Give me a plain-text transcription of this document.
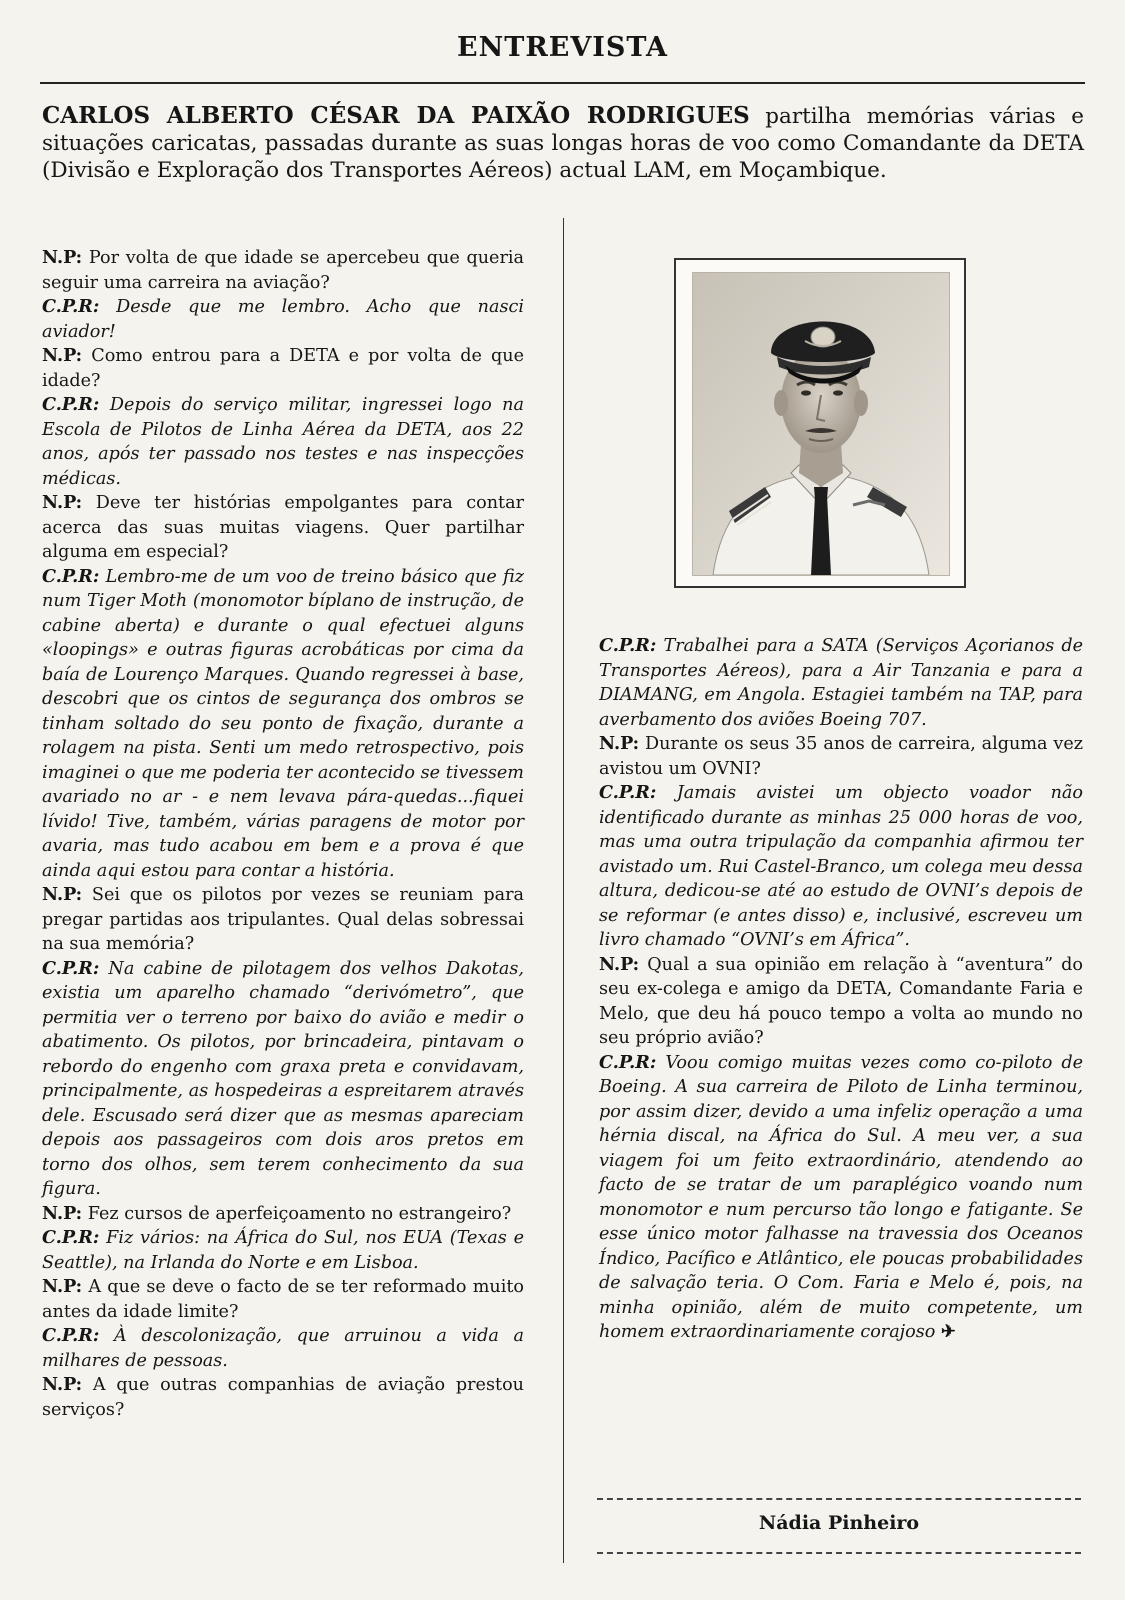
ENTREVISTA

CARLOS ALBERTO CÉSAR DA PAIXÃO RODRIGUES partilha memórias várias e situações caricatas, passadas durante as suas longas horas de voo como Comandante da DETA (Divisão e Exploração dos Transportes Aéreos) actual LAM, em Moçambique.

N.P: Por volta de que idade se apercebeu que queria seguir uma carreira na aviação?

C.P.R: Desde que me lembro. Acho que nasci aviador!

N.P: Como entrou para a DETA e por volta de que idade?

C.P.R: Depois do serviço militar, ingressei logo na Escola de Pilotos de Linha Aérea da DETA, aos 22 anos, após ter passado nos testes e nas inspecções médicas.

N.P: Deve ter histórias empolgantes para contar acerca das suas muitas viagens. Quer partilhar alguma em especial?

C.P.R: Lembro-me de um voo de treino básico que fiz num Tiger Moth (monomotor bíplano de instrução, de cabine aberta) e durante o qual efectuei alguns «loopings» e outras figuras acrobáticas por cima da baía de Lourenço Marques. Quando regressei à base, descobri que os cintos de segurança dos ombros se tinham soltado do seu ponto de fixação, durante a rolagem na pista. Senti um medo retrospectivo, pois imaginei o que me poderia ter acontecido se tivessem avariado no ar - e nem levava pára-quedas...fiquei lívido! Tive, também, várias paragens de motor por avaria, mas tudo acabou em bem e a prova é que ainda aqui estou para contar a história.

N.P: Sei que os pilotos por vezes se reuniam para pregar partidas aos tripulantes. Qual delas sobressai na sua memória?

C.P.R: Na cabine de pilotagem dos velhos Dakotas, existia um aparelho chamado “derivómetro”, que permitia ver o terreno por baixo do avião e medir o abatimento. Os pilotos, por brincadeira, pintavam o rebordo do engenho com graxa preta e convidavam, principalmente, as hospedeiras a espreitarem através dele. Escusado será dizer que as mesmas apareciam depois aos passageiros com dois aros pretos em torno dos olhos, sem terem conhecimento da sua figura.

N.P: Fez cursos de aperfeiçoamento no estrangeiro?

C.P.R: Fiz vários: na África do Sul, nos EUA (Texas e Seattle), na Irlanda do Norte e em Lisboa.

N.P: A que se deve o facto de se ter reformado muito antes da idade limite?

C.P.R: À descolonização, que arruinou a vida a milhares de pessoas.

N.P: A que outras companhias de aviação prestou serviços?

C.P.R: Trabalhei para a SATA (Serviços Açorianos de Transportes Aéreos), para a Air Tanzania e para a DIAMANG, em Angola. Estagiei também na TAP, para averbamento dos aviões Boeing 707.

N.P: Durante os seus 35 anos de carreira, alguma vez avistou um OVNI?

C.P.R: Jamais avistei um objecto voador não identificado durante as minhas 25 000 horas de voo, mas uma outra tripulação da companhia afirmou ter avistado um. Rui Castel-Branco, um colega meu dessa altura, dedicou-se até ao estudo de OVNI’s depois de se reformar (e antes disso) e, inclusivé, escreveu um livro chamado “OVNI’s em África”.

N.P: Qual a sua opinião em relação à “aventura” do seu ex-colega e amigo da DETA, Comandante Faria e Melo, que deu há pouco tempo a volta ao mundo no seu próprio avião?

C.P.R: Voou comigo muitas vezes como co-piloto de Boeing. A sua carreira de Piloto de Linha terminou, por assim dizer, devido a uma infeliz operação a uma hérnia discal, na África do Sul. A meu ver, a sua viagem foi um feito extraordinário, atendendo ao facto de se tratar de um paraplégico voando num monomotor e num percurso tão longo e fatigante. Se esse único motor falhasse na travessia dos Oceanos Índico, Pacífico e Atlântico, ele poucas probabilidades de salvação teria. O Com. Faria e Melo é, pois, na minha opinião, além de muito competente, um homem extraordinariamente corajoso ✈

Nádia Pinheiro
